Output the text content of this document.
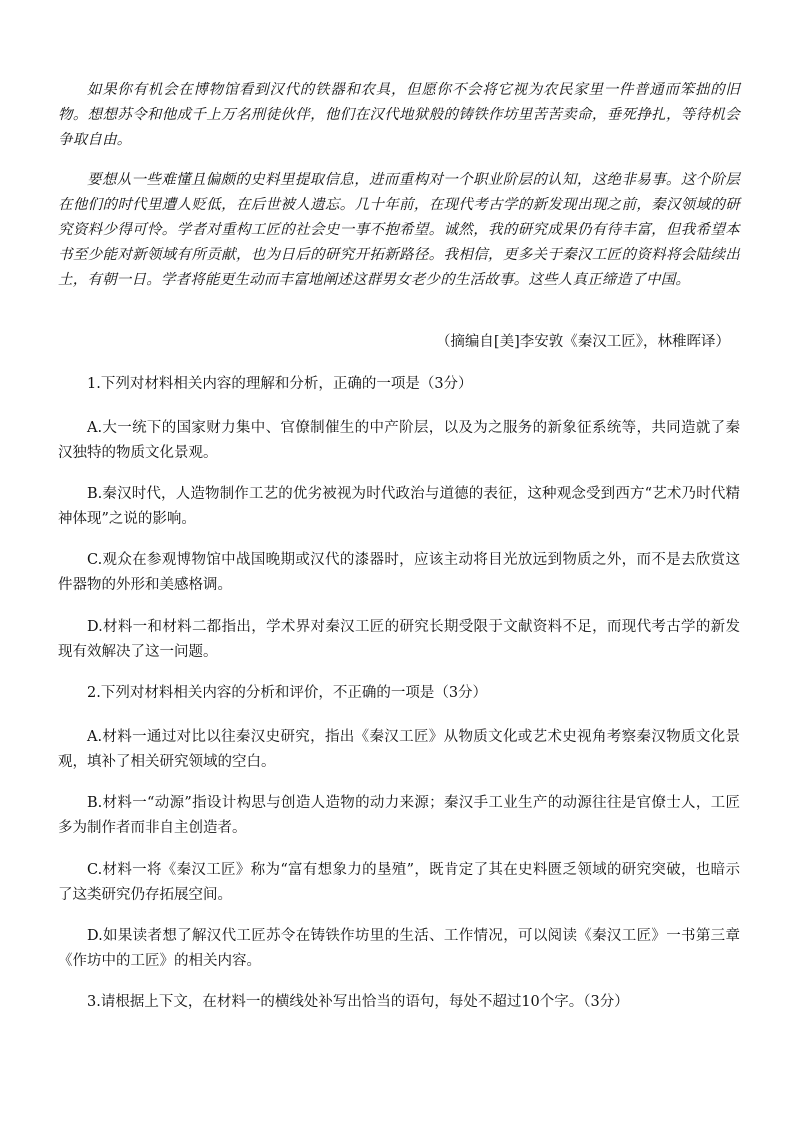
如果你有机会在博物馆看到汉代的铁器和农具，但愿你不会将它视为农民家里一件普通而笨拙的旧物。想想苏令和他成千上万名刑徒伙伴，他们在汉代地狱般的铸铁作坊里苦苦卖命，垂死挣扎，等待机会争取自由。

要想从一些难懂且偏颇的史料里提取信息，进而重构对一个职业阶层的认知，这绝非易事。这个阶层在他们的时代里遭人贬低，在后世被人遗忘。几十年前，在现代考古学的新发现出现之前，秦汉领域的研究资料少得可怜。学者对重构工匠的社会史一事不抱希望。诚然，我的研究成果仍有待丰富，但我希望本书至少能对新领域有所贡献，也为日后的研究开拓新路径。我相信，更多关于秦汉工匠的资料将会陆续出土，有朝一日。学者将能更生动而丰富地阐述这群男女老少的生活故事。这些人真正缔造了中国。

（摘编自[美]李安敦《秦汉工匠》，林稚晖译）

1.下列对材料相关内容的理解和分析，正确的一项是（3分）

A.大一统下的国家财力集中、官僚制催生的中产阶层，以及为之服务的新象征系统等，共同造就了秦汉独特的物质文化景观。

B.秦汉时代，人造物制作工艺的优劣被视为时代政治与道德的表征，这种观念受到西方“艺术乃时代精神体现”之说的影响。

C.观众在参观博物馆中战国晚期或汉代的漆器时，应该主动将目光放远到物质之外，而不是去欣赏这件器物的外形和美感格调。

D.材料一和材料二都指出，学术界对秦汉工匠的研究长期受限于文献资料不足，而现代考古学的新发现有效解决了这一问题。

2.下列对材料相关内容的分析和评价，不正确的一项是（3分）

A.材料一通过对比以往秦汉史研究，指出《秦汉工匠》从物质文化或艺术史视角考察秦汉物质文化景观，填补了相关研究领域的空白。

B.材料一“动源”指设计构思与创造人造物的动力来源；秦汉手工业生产的动源往往是官僚士人，工匠多为制作者而非自主创造者。

C.材料一将《秦汉工匠》称为“富有想象力的垦殖”，既肯定了其在史料匮乏领域的研究突破，也暗示了这类研究仍存拓展空间。

D.如果读者想了解汉代工匠苏令在铸铁作坊里的生活、工作情况，可以阅读《秦汉工匠》一书第三章《作坊中的工匠》的相关内容。

3.请根据上下文，在材料一的横线处补写出恰当的语句，每处不超过10个字。（3分）
